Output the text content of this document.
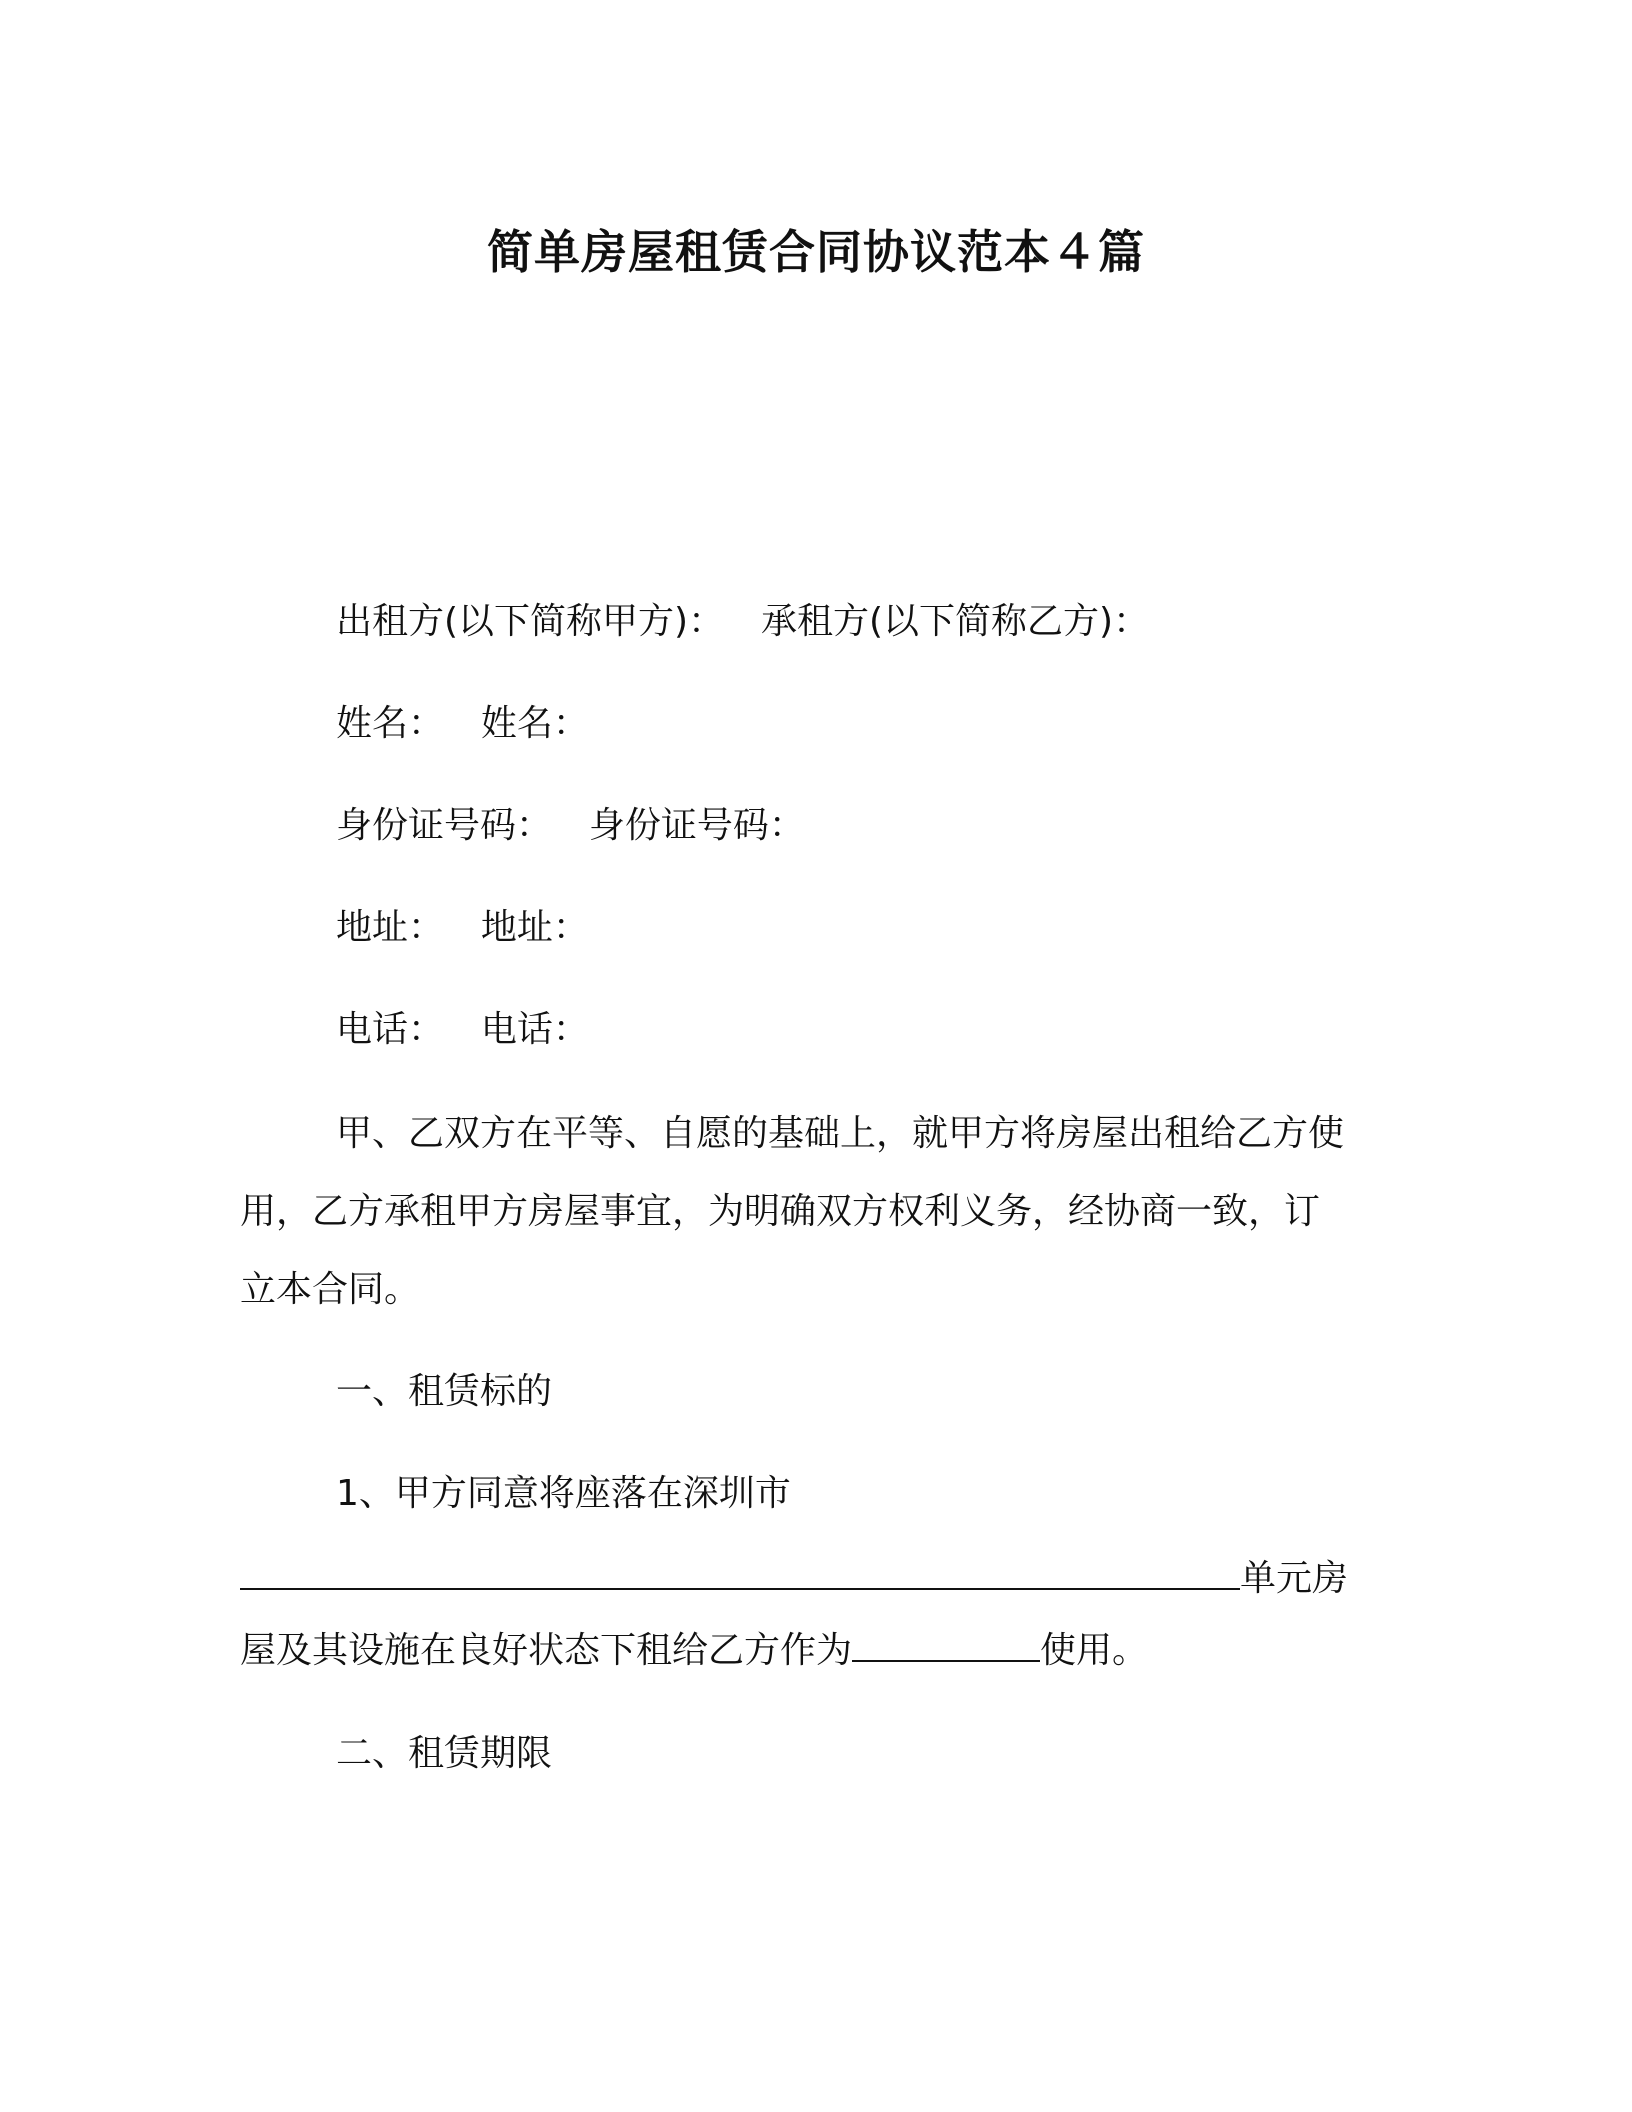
简单房屋租赁合同协议范本４篇
出租方(以下简称甲方)： 承租方(以下简称乙方)：
姓名： 姓名：
身份证号码： 身份证号码：
地址： 地址：
电话： 电话：
甲、乙双方在平等、自愿的基础上，就甲方将房屋出租给乙方使
用，乙方承租甲方房屋事宜，为明确双方权利义务，经协商一致，订
立本合同。
一、租赁标的
1、甲方同意将座落在深圳市
单元房
屋及其设施在良好状态下租给乙方作为	使用。
二、租赁期限
